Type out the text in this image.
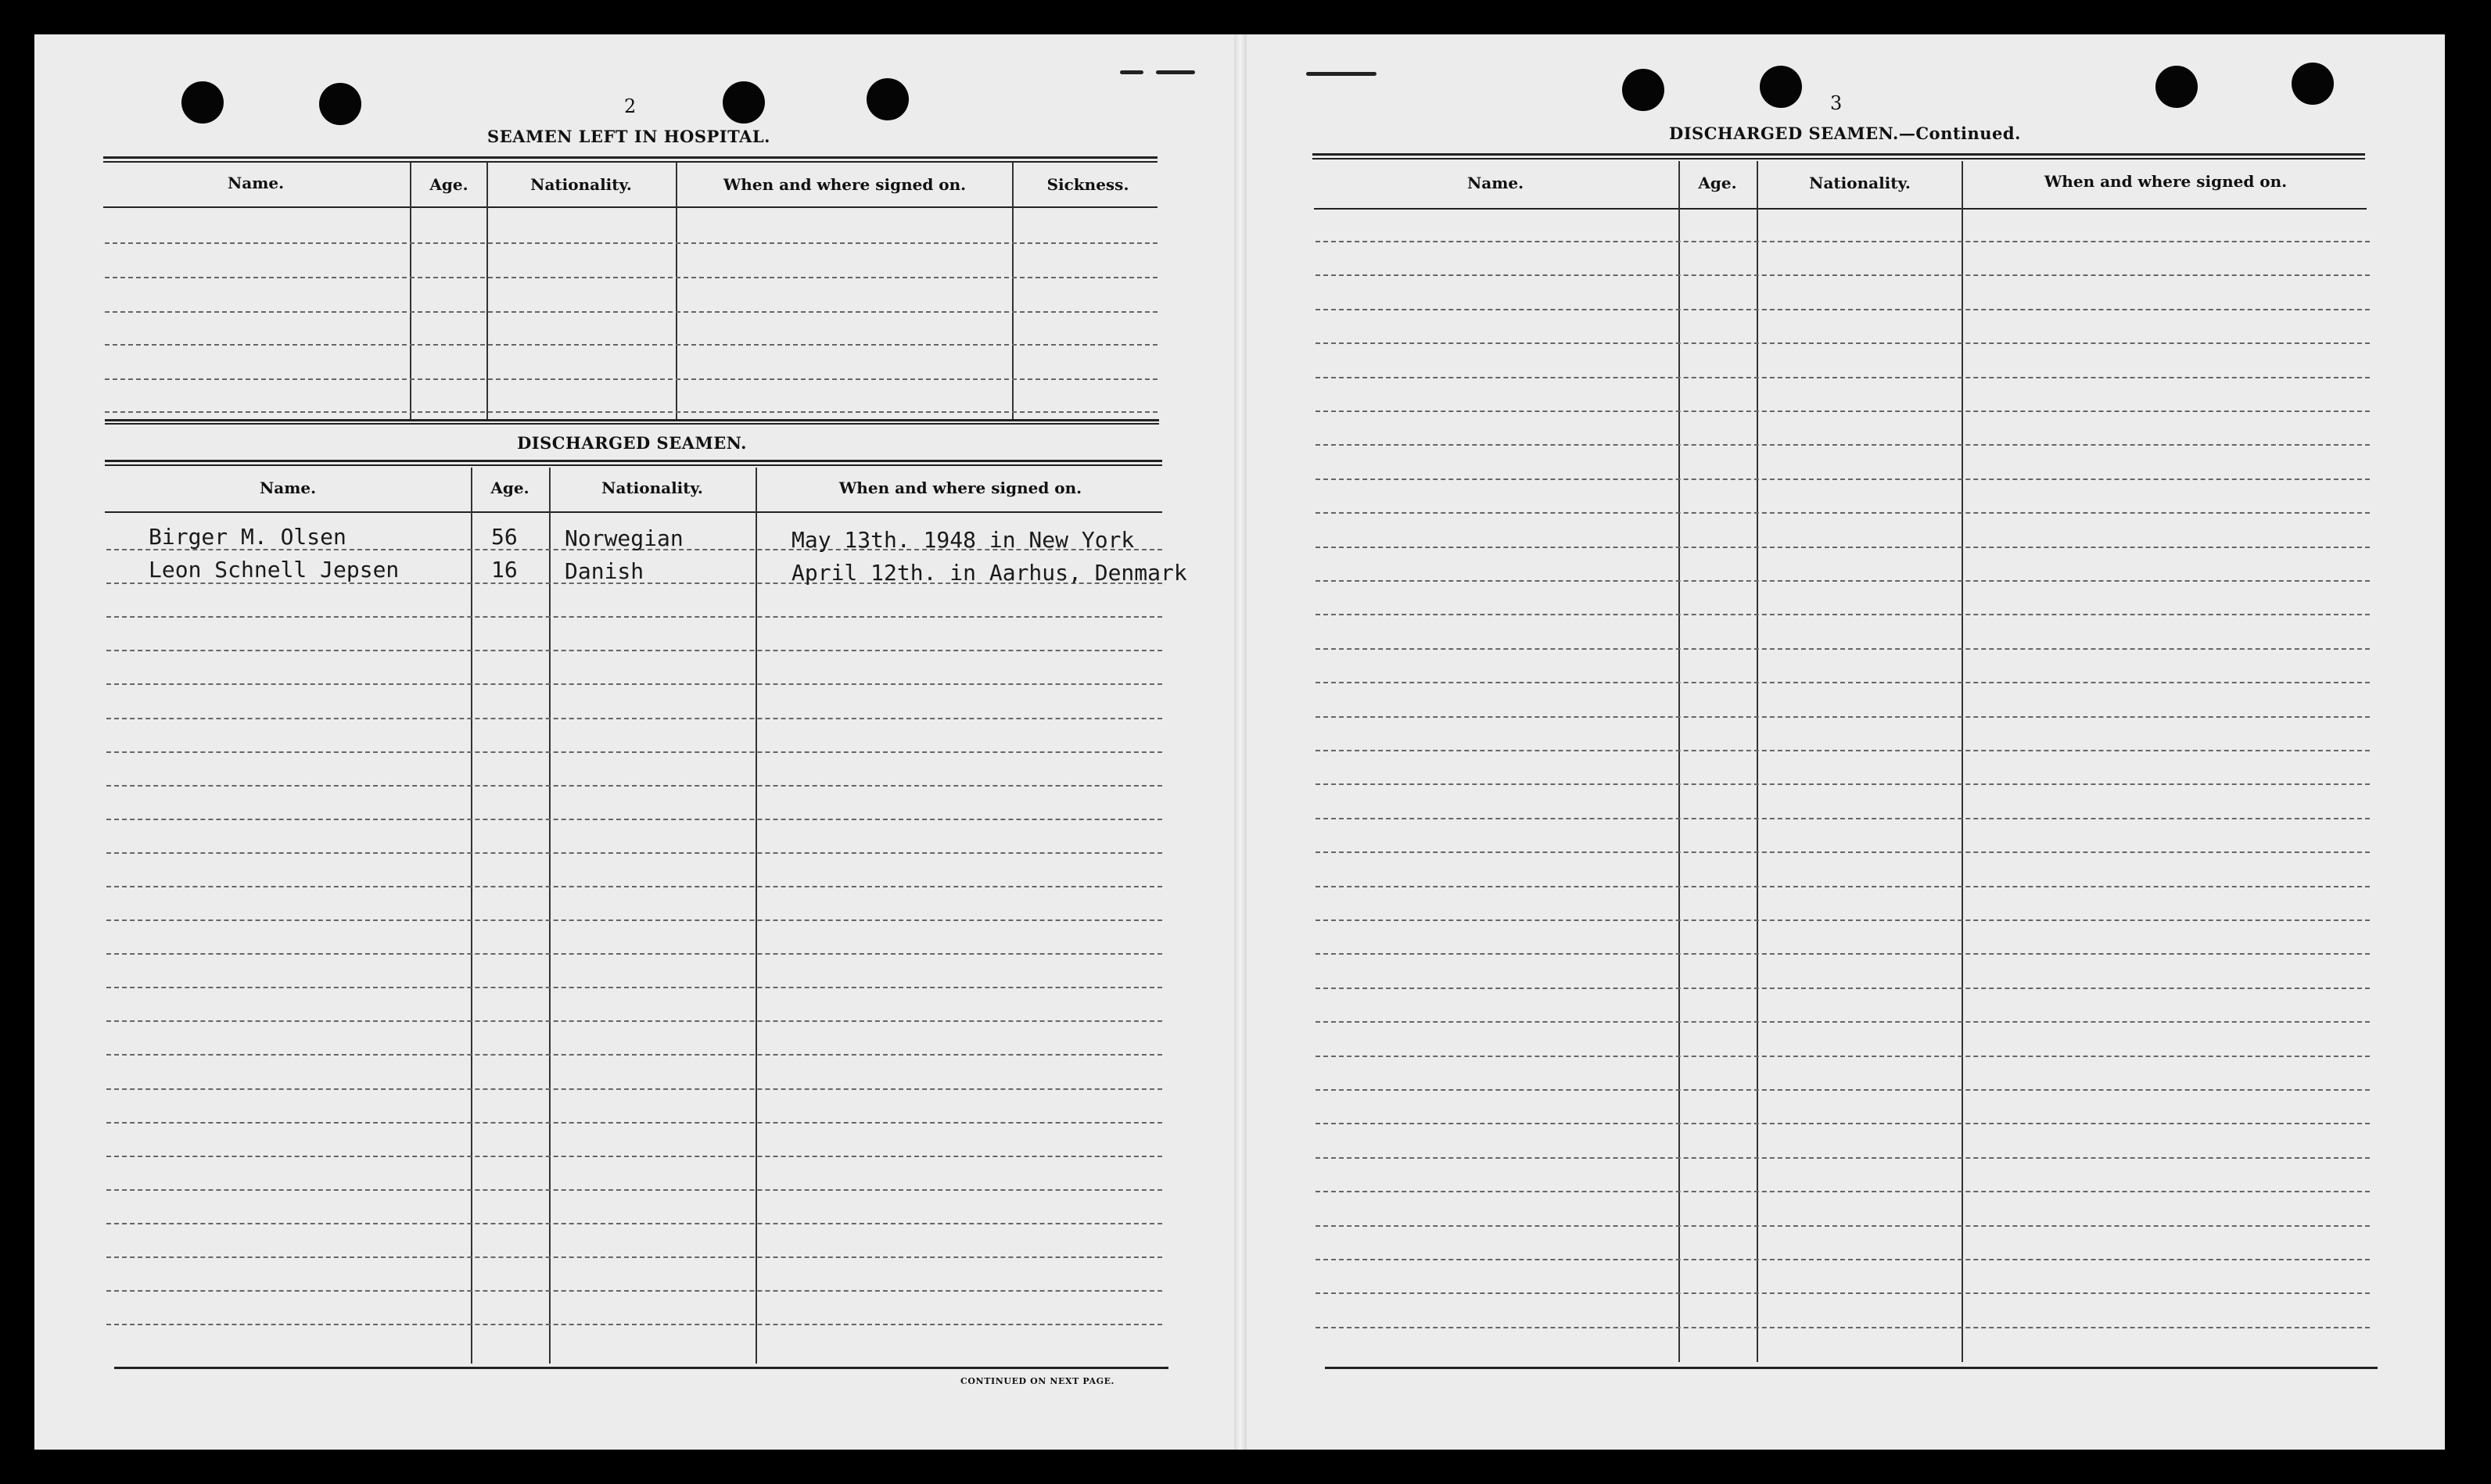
2
SEAMEN LEFT IN HOSPITAL.
Name.	Age.	Nationality.	When and where signed on.	Sickness.
DISCHARGED SEAMEN.
Name.	Age.	Nationality.	When and where signed on.
Birger M. Olsen	56 Norwegian	May 13th. 1948 in New York
Leon Schnell Jepsen	16 Danish	April 12th. in Aarhus, Denmark
CONTINUED ON NEXT PAGE.
3
DISCHARGED SEAMEN.—Continued.
Name.	Age.	Nationality.	When and where signed on.
